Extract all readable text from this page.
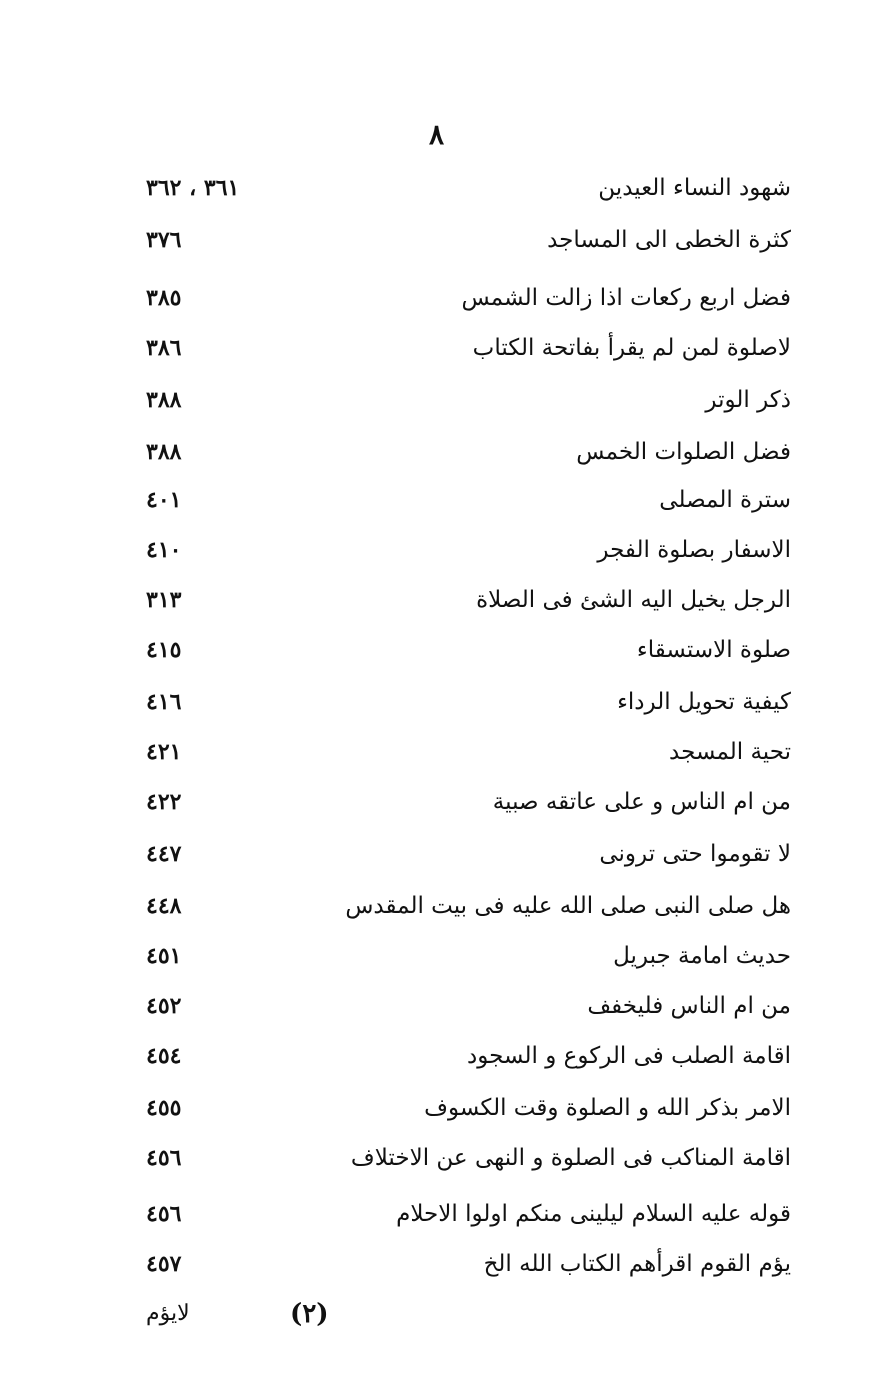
٨
شهود النساء العيدين
٣٦١ ، ٣٦٢
كثرة الخطى الى المساجد
٣٧٦
فضل اربع ركعات اذا زالت الشمس
٣٨٥
لاصلوة لمن لم يقرأ بفاتحة الكتاب
٣٨٦
ذكر الوتر
٣٨٨
فضل الصلوات الخمس
٣٨٨
سترة المصلى
٤٠١
الاسفار بصلوة الفجر
٤١٠
الرجل يخيل اليه الشئ فى الصلاة
٣١٣
صلوة الاستسقاء
٤١٥
كيفية تحويل الرداء
٤١٦
تحية المسجد
٤٢١
من ام الناس و على عاتقه صبية
٤٢٢
لا تقوموا حتى ترونى
٤٤٧
هل صلى النبى صلى الله عليه فى بيت المقدس
٤٤٨
حديث امامة جبريل
٤٥١
من ام الناس فليخفف
٤٥٢
اقامة الصلب فى الركوع و السجود
٤٥٤
الامر بذكر الله و الصلوة وقت الكسوف
٤٥٥
اقامة المناكب فى الصلوة و النهى عن الاختلاف
٤٥٦
قوله عليه السلام ليلينى منكم اولوا الاحلام
٤٥٦
يؤم القوم اقرأهم الكتاب الله الخ
٤٥٧
لايؤم	(٢)
